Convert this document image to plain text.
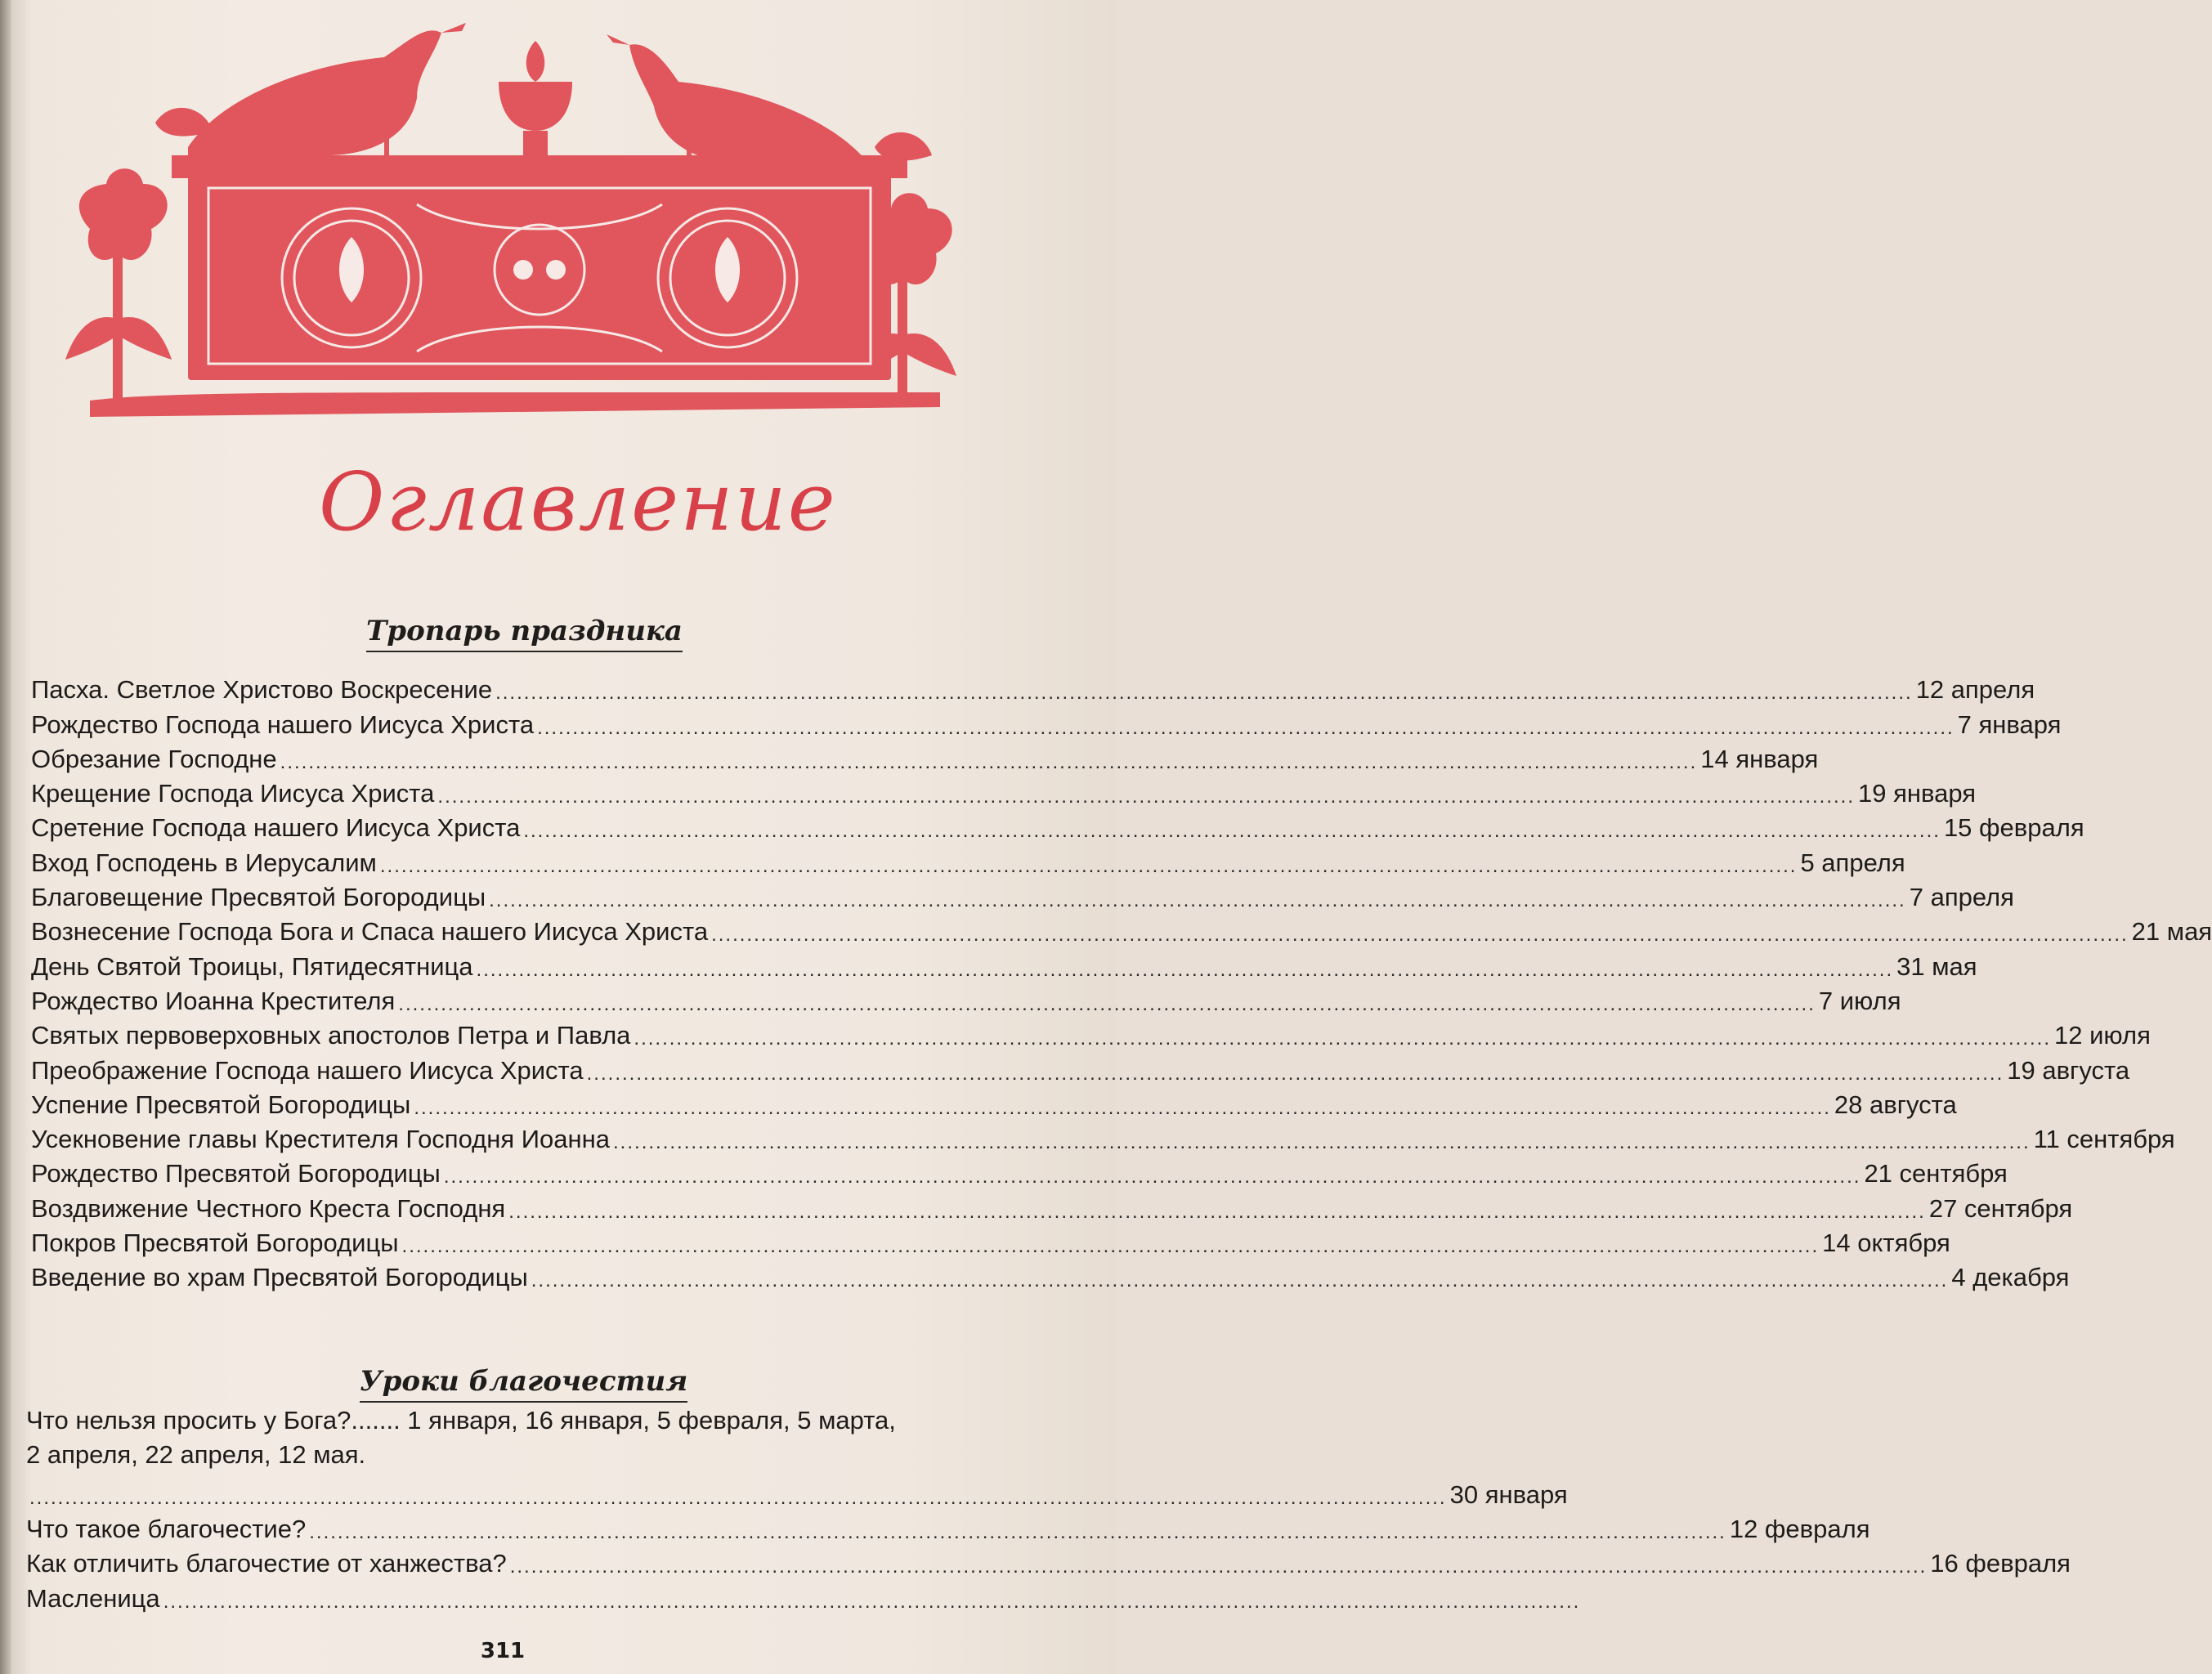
Оглавление
Тропарь праздника
Пасха. Светлое Христово Воскресение ........................................................................................................................................................................................................ 12 апреля
Рождество Господа нашего Иисуса Христа ........................................................................................................................................................................................................ 7 января
Обрезание Господне ........................................................................................................................................................................................................ 14 января
Крещение Господа Иисуса Христа ........................................................................................................................................................................................................ 19 января
Сретение Господа нашего Иисуса Христа ........................................................................................................................................................................................................ 15 февраля
Вход Господень в Иерусалим ........................................................................................................................................................................................................ 5 апреля
Благовещение Пресвятой Богородицы ........................................................................................................................................................................................................ 7 апреля
Вознесение Господа Бога и Спаса нашего Иисуса Христа ........................................................................................................................................................................................................ 21 мая
День Святой Троицы, Пятидесятница ........................................................................................................................................................................................................ 31 мая
Рождество Иоанна Крестителя ........................................................................................................................................................................................................ 7 июля
Святых первоверховных апостолов Петра и Павла ........................................................................................................................................................................................................ 12 июля
Преображение Господа нашего Иисуса Христа ........................................................................................................................................................................................................ 19 августа
Успение Пресвятой Богородицы ........................................................................................................................................................................................................ 28 августа
Усекновение главы Крестителя Господня Иоанна ........................................................................................................................................................................................................ 11 сентября
Рождество Пресвятой Богородицы ........................................................................................................................................................................................................ 21 сентября
Воздвижение Честного Креста Господня ........................................................................................................................................................................................................ 27 сентября
Покров Пресвятой Богородицы ........................................................................................................................................................................................................ 14 октября
Введение во храм Пресвятой Богородицы ........................................................................................................................................................................................................ 4 декабря
Уроки благочестия
Что нельзя просить у Бога?....... 1 января, 16 января, 5 февраля, 5 марта,
2 апреля, 22 апреля, 12 мая.
........................................................................................................................................................................................................ 30 января
Что такое благочестие? ........................................................................................................................................................................................................ 12 февраля
Как отличить благочестие от ханжества? ........................................................................................................................................................................................................ 16 февраля
Масленица ........................................................................................................................................................................................................
311
